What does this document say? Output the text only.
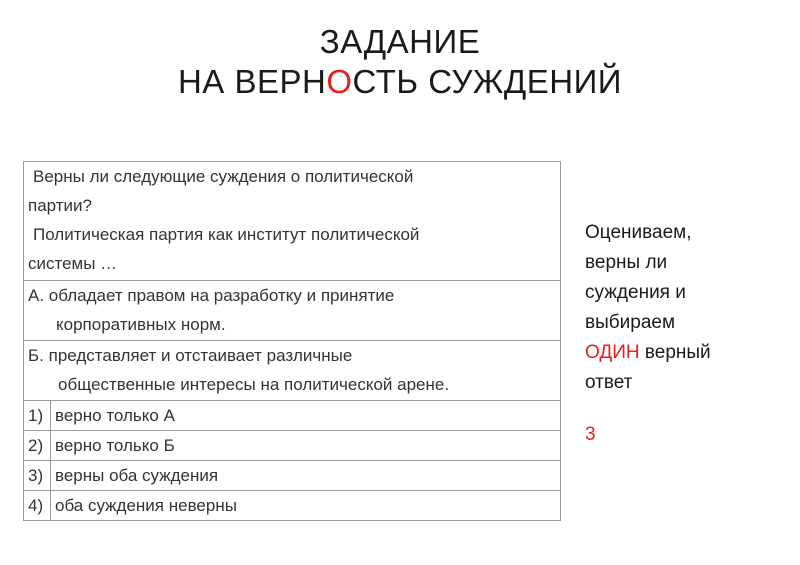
ЗАДАНИЕ
НА ВЕРНОСТЬ СУЖДЕНИЙ
Верны ли следующие суждения о политической
партии?
Политическая партия как институт политической
системы …	

А. обладает правом на разработку и принятие
корпоративных норм.	

Б. представляет и отстаивает различные
общественные интересы на политической арене.	

1)	верно только А

2)	верно только Б

3)	верны оба суждения

4)	оба суждения неверны
Оцениваем,
верны ли
суждения и
выбираем
ОДИН верный
ответ
3
